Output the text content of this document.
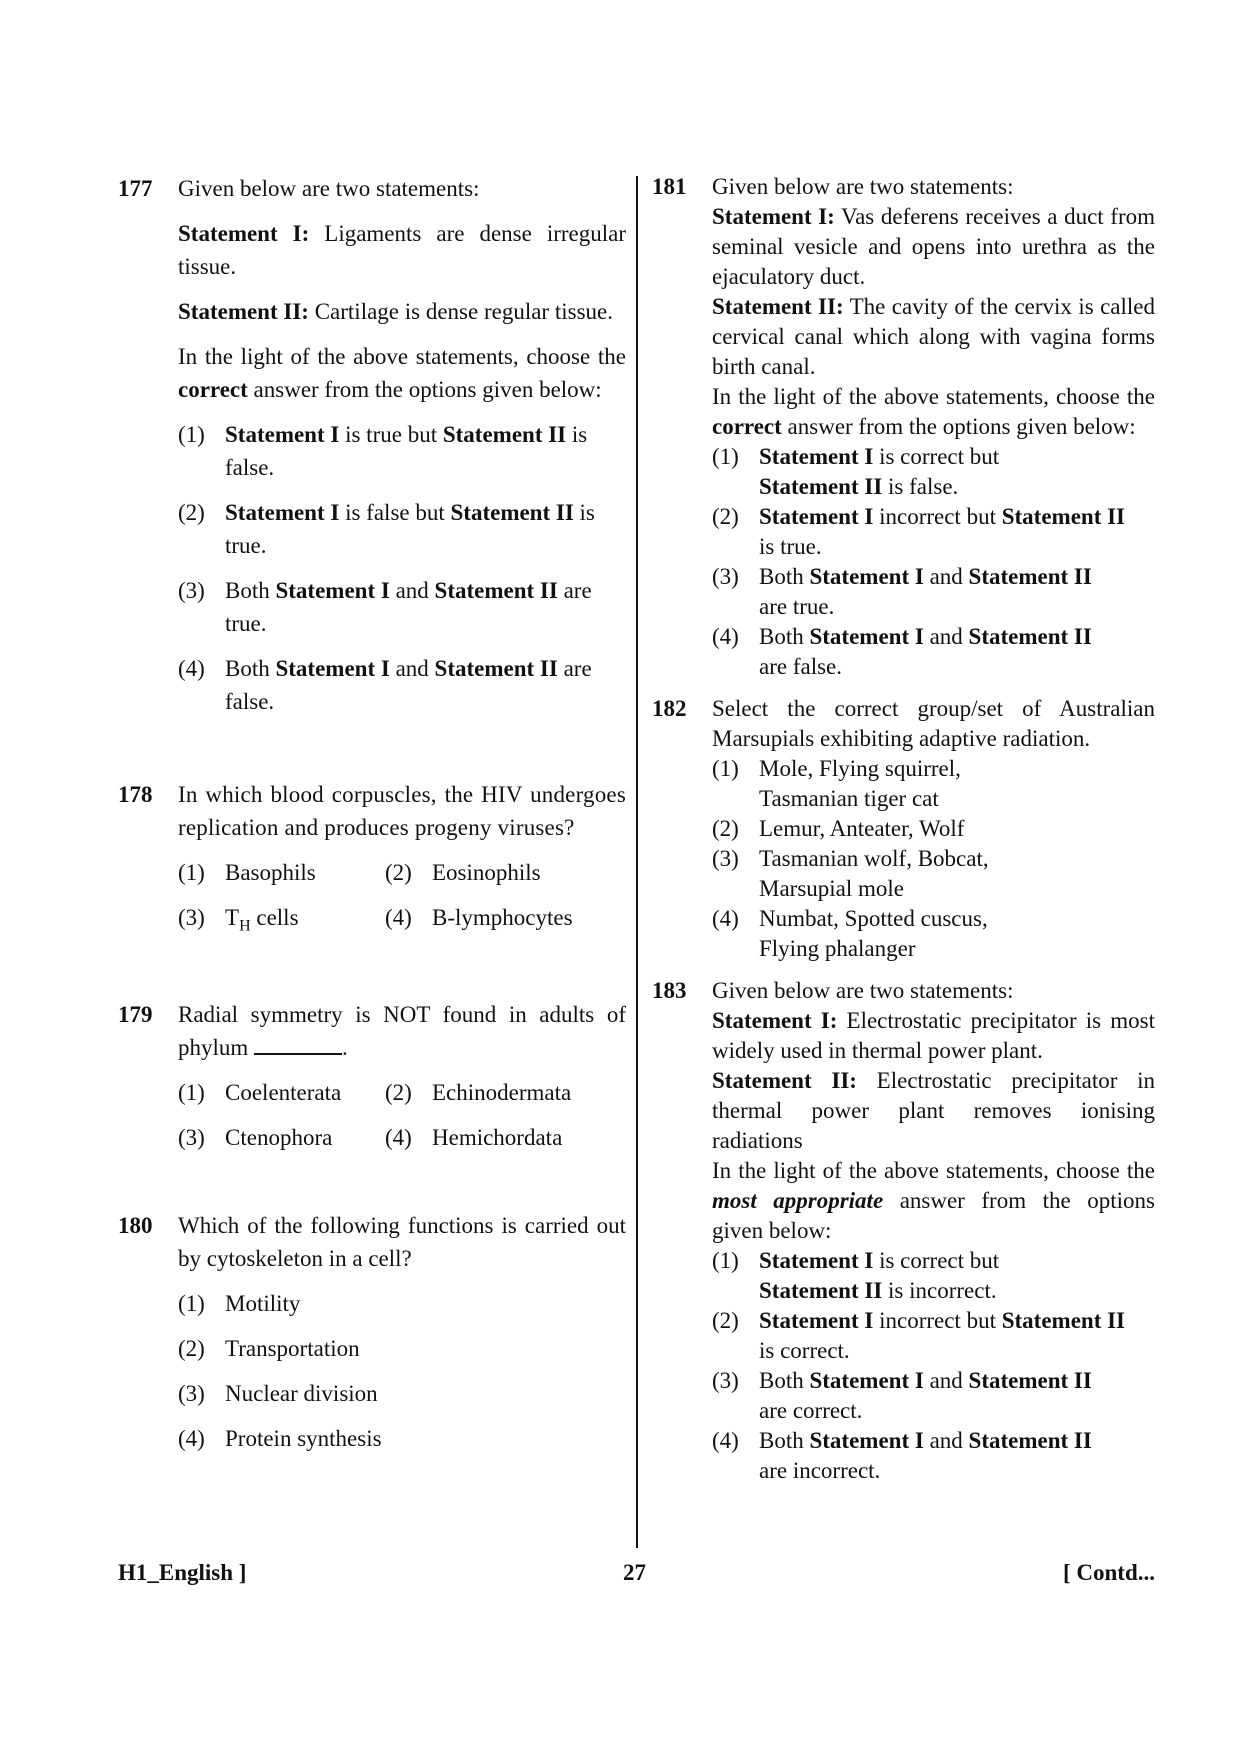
177	Given below are two statements:

Statement I: Ligaments are dense irregular tissue.

Statement II: Cartilage is dense regular tissue.

In the light of the above statements, choose the correct answer from the options given below:

(1) Statement I is true but Statement II is false.
(2) Statement I is false but Statement II is true.
(3) Both Statement I and Statement II are true.
(4) Both Statement I and Statement II are false.
178	In which blood corpuscles, the HIV undergoes replication and produces progeny viruses?

(1) Basophils	(2) Eosinophils
(3) $T_H$ cells	(4) B-lymphocytes
179	Radial symmetry is NOT found in adults of phylum	.

(1) Coelenterata (2) Echinodermata
(3) Ctenophora (4) Hemichordata
180	Which of the following functions is carried out by cytoskeleton in a cell?

(1) Motility
(2) Transportation
(3) Nuclear division
(4) Protein synthesis
181	Given below are two statements:

Statement I: Vas deferens receives a duct from seminal vesicle and opens into urethra as the ejaculatory duct.

Statement II: The cavity of the cervix is called cervical canal which along with vagina forms birth canal.

In the light of the above statements, choose the correct answer from the options given below:

(1) Statement I is correct but
Statement II is false.
(2) Statement I incorrect but Statement II
is true.
(3) Both Statement I and Statement II
are true.
(4) Both Statement I and Statement II
are false.
182	Select the correct group/set of Australian Marsupials exhibiting adaptive radiation.

(1) Mole, Flying squirrel,
Tasmanian tiger cat
(2) Lemur, Anteater, Wolf
(3) Tasmanian wolf, Bobcat,
Marsupial mole
(4) Numbat, Spotted cuscus,
Flying phalanger
183	Given below are two statements:

Statement I: Electrostatic precipitator is most widely used in thermal power plant.

Statement II: Electrostatic precipitator in thermal power plant removes ionising radiations

In the light of the above statements, choose the most appropriate answer from the options given below:

(1) Statement I is correct but
Statement II is incorrect.
(2) Statement I incorrect but Statement II
is correct.
(3) Both Statement I and Statement II
are correct.
(4) Both Statement I and Statement II
are incorrect.
H1_English ]	27	[ Contd...
